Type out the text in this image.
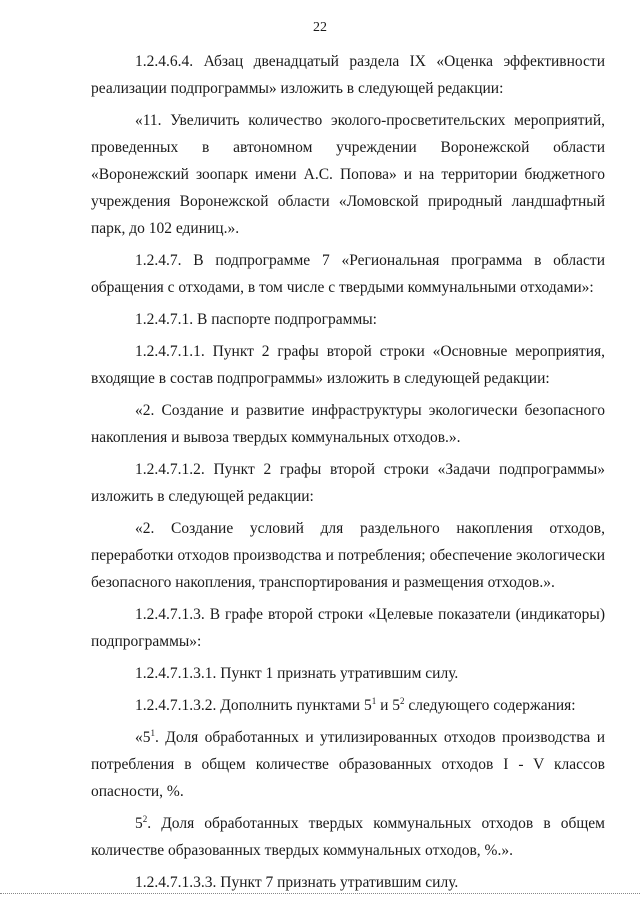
22

1.2.4.6.4. Абзац двенадцатый раздела IX «Оценка эффективности реализации подпрограммы» изложить в следующей редакции:

«11. Увеличить количество эколого-просветительских мероприятий, проведенных в автономном учреждении Воронежской области «Воронежский зоопарк имени А.С. Попова» и на территории бюджетного учреждения Воронежской области «Ломовской природный ландшафтный парк, до 102 единиц.».

1.2.4.7. В подпрограмме 7 «Региональная программа в области обращения с отходами, в том числе с твердыми коммунальными отходами»:

1.2.4.7.1. В паспорте подпрограммы:

1.2.4.7.1.1. Пункт 2 графы второй строки «Основные мероприятия, входящие в состав подпрограммы» изложить в следующей редакции:

«2. Создание и развитие инфраструктуры экологически безопасного накопления и вывоза твердых коммунальных отходов.».

1.2.4.7.1.2. Пункт 2 графы второй строки «Задачи подпрограммы» изложить в следующей редакции:

«2. Создание условий для раздельного накопления отходов, переработки отходов производства и потребления; обеспечение экологически безопасного накопления, транспортирования и размещения отходов.».

1.2.4.7.1.3. В графе второй строки «Целевые показатели (индикаторы) подпрограммы»:

1.2.4.7.1.3.1. Пункт 1 признать утратившим силу.

1.2.4.7.1.3.2. Дополнить пунктами $5^1$ и $5^2$ следующего содержания:

«$5^1$. Доля обработанных и утилизированных отходов производства и потребления в общем количестве образованных отходов I - V классов опасности, %.

$5^2$. Доля обработанных твердых коммунальных отходов в общем количестве образованных твердых коммунальных отходов, %.».

1.2.4.7.1.3.3. Пункт 7 признать утратившим силу.
